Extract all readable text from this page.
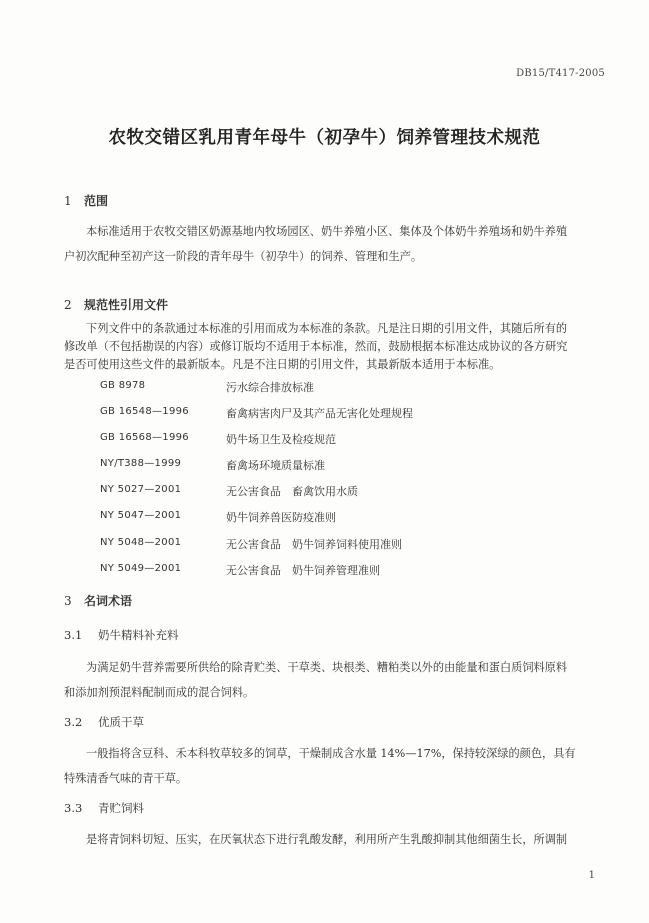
DB15/T417-2005
农牧交错区乳用青年母牛（初孕牛）饲养管理技术规范
1 范围
本标准适用于农牧交错区奶源基地内牧场园区、奶牛养殖小区、集体及个体奶牛养殖场和奶牛养殖
户初次配种至初产这一阶段的青年母牛（初孕牛）的饲养、管理和生产。
2 规范性引用文件
下列文件中的条款通过本标准的引用而成为本标准的条款。凡是注日期的引用文件，其随后所有的
修改单（不包括勘误的内容）或修订版均不适用于本标准，然而，鼓励根据本标准达成协议的各方研究
是否可使用这些文件的最新版本。凡是不注日期的引用文件，其最新版本适用于本标准。
GB 8978	污水综合排放标准
GB 16548—1996	畜禽病害肉尸及其产品无害化处理规程
GB 16568—1996	奶牛场卫生及检疫规范
NY/T388—1999	畜禽场环境质量标准
NY 5027—2001	无公害食品　畜禽饮用水质
NY 5047—2001	奶牛饲养兽医防疫准则
NY 5048—2001	无公害食品　奶牛饲养饲料使用准则
NY 5049—2001	无公害食品　奶牛饲养管理准则
3 名词术语
3.1 奶牛精料补充料
为满足奶牛营养需要所供给的除青贮类、干草类、块根类、糟粕类以外的由能量和蛋白质饲料原料
和添加剂预混料配制而成的混合饲料。
3.2 优质干草
一般指将含豆科、禾本科牧草较多的饲草，干燥制成含水量 14%—17%，保持较深绿的颜色，具有
特殊清香气味的青干草。
3.3 青贮饲料
是将青饲料切短、压实，在厌氧状态下进行乳酸发酵，利用所产生乳酸抑制其他细菌生长，所调制
1
